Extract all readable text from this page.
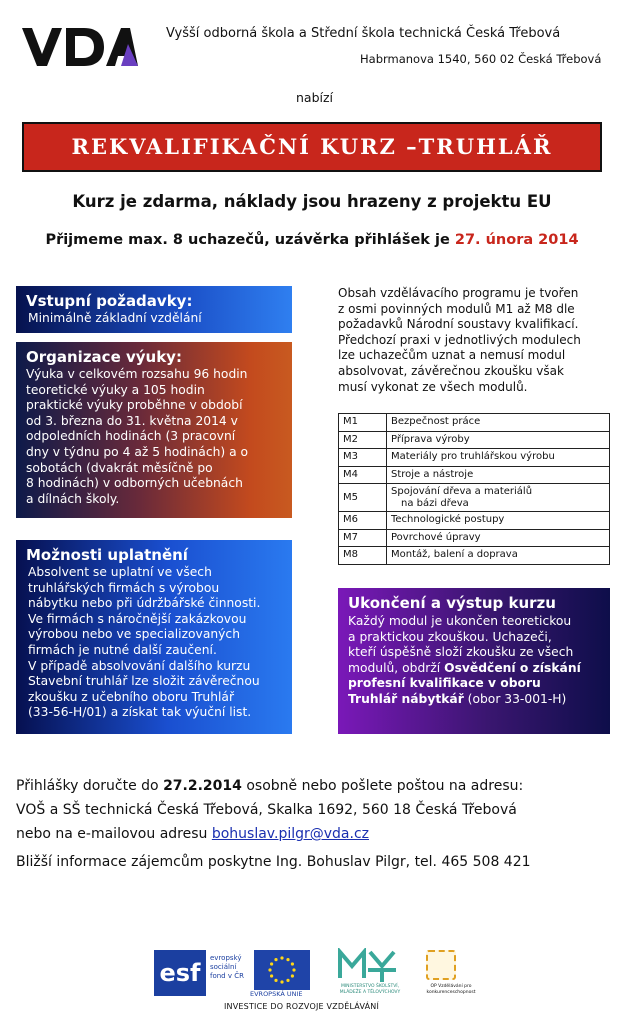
Vyšší odborná škola a Střední škola technická Česká Třebová
Habrmanova 1540, 560 02 Česká Třebová
nabízí
REKVALIFIKAČNÍ KURZ –TRUHLÁŘ
Kurz je zdarma, náklady jsou hrazeny z projektu EU
Přijmeme max. 8 uchazečů, uzávěrka přihlášek je 27. února 2014
Vstupní požadavky:

Minimálně základní vzdělání

Organizace výuky:

Výuka v celkovém rozsahu 96 hodin

teoretické výuky a 105 hodin

praktické výuky proběhne v období

od 3. března do 31. května 2014 v

odpoledních hodinách (3 pracovní

dny v týdnu po 4 až 5 hodinách) a o

sobotách (dvakrát měsíčně po

8 hodinách) v odborných učebnách

a dílnách školy.

Možnosti uplatnění

Absolvent se uplatní ve všech

truhlářských firmách s výrobou

nábytku nebo při údržbářské činnosti.

Ve firmách s náročnější zakázkovou

výrobou nebo ve specializovaných

firmách je nutné další zaučení.

V případě absolvování dalšího kurzu

Stavební truhlář lze složit závěrečnou

zkoušku z učebního oboru Truhlář

(33-56-H/01) a získat tak výuční list.

Obsah vzdělávacího programu je tvořen
z osmi povinných modulů M1 až M8 dle
požadavků Národní soustavy kvalifikací.
Předchozí praxi v jednotlivých modulech
lze uchazečům uznat a nemusí modul
absolvovat, závěrečnou zkoušku však
musí vykonat ze všech modulů.
M1	Bezpečnost práce
M2	Příprava výroby
M3	Materiály pro truhlářskou výrobu
M4	Stroje a nástroje
M5	Spojování dřeva a materiálů
na bázi dřeva

M6	Technologické postupy
M7	Povrchové úpravy
M8	Montáž, balení a doprava
Ukončení a výstup kurzu

Každý modul je ukončen teoretickou

a praktickou zkouškou. Uchazeči,

kteří úspěšně složí zkoušku ze všech

modulů, obdrží Osvědčení o získání

profesní kvalifikace v oboru

Truhlář nábytkář (obor 33-001-H)

Přihlášky doručte do 27.2.2014 osobně nebo pošlete poštou na adresu:
VOŠ a SŠ technická Česká Třebová, Skalka 1692, 560 18 Česká Třebová
nebo na e-mailovou adresu bohuslav.pilgr@vda.cz
Bližší informace zájemcům poskytne Ing. Bohuslav Pilgr, tel. 465 508 421
esf
evropský
sociální
fond v ČR
EVROPSKÁ UNIE
MINISTERSTVO ŠKOLSTVÍ, MLÁDEŽE A TĚLOVÝCHOVY
OP Vzdělávání pro konkurenceschopnost
INVESTICE DO ROZVOJE VZDĚLÁVÁNÍ
